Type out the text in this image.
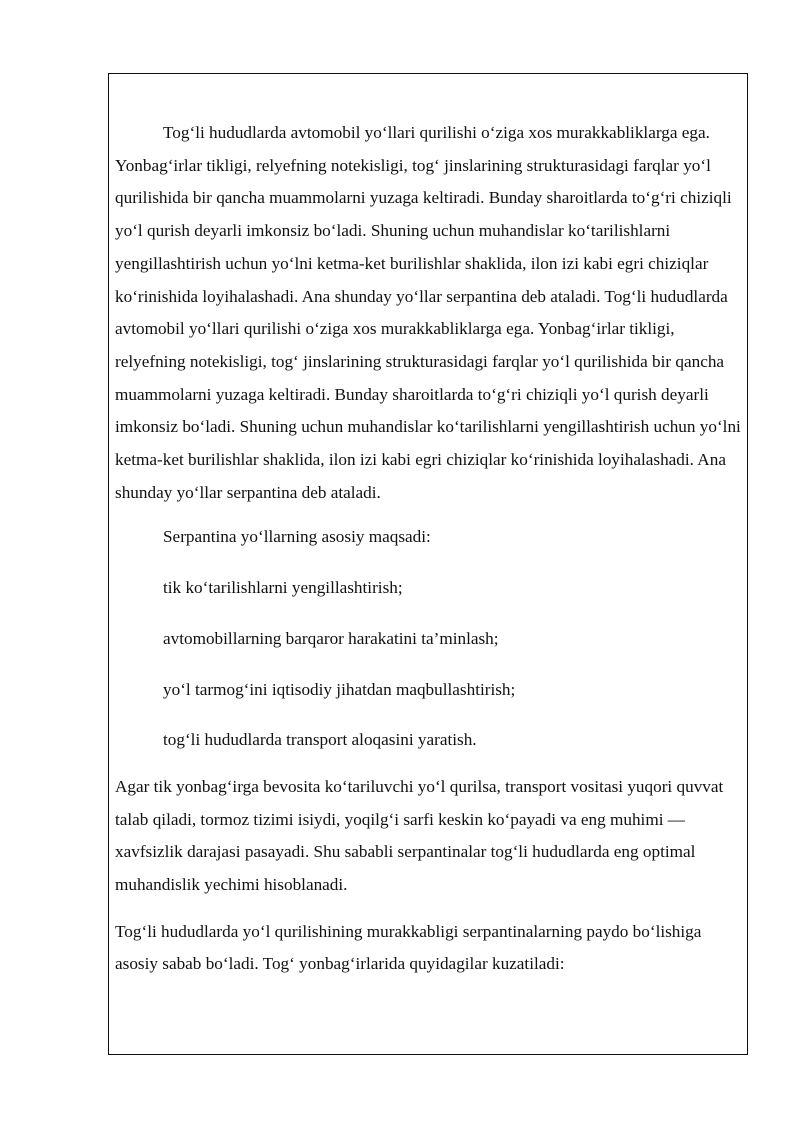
Tog‘li hududlarda avtomobil yo‘llari qurilishi o‘ziga xos murakkabliklarga ega. Yonbag‘irlar tikligi, relyefning notekisligi, tog‘ jinslarining strukturasidagi farqlar yo‘l qurilishida bir qancha muammolarni yuzaga keltiradi. Bunday sharoitlarda to‘g‘ri chiziqli yo‘l qurish deyarli imkonsiz bo‘ladi. Shuning uchun muhandislar ko‘tarilishlarni yengillashtirish uchun yo‘lni ketma-ket burilishlar shaklida, ilon izi kabi egri chiziqlar ko‘rinishida loyihalashadi. Ana shunday yo‘llar serpantina deb ataladi. Tog‘li hududlarda avtomobil yo‘llari qurilishi o‘ziga xos murakkabliklarga ega. Yonbag‘irlar tikligi, relyefning notekisligi, tog‘ jinslarining strukturasidagi farqlar yo‘l qurilishida bir qancha muammolarni yuzaga keltiradi. Bunday sharoitlarda to‘g‘ri chiziqli yo‘l qurish deyarli imkonsiz bo‘ladi. Shuning uchun muhandislar ko‘tarilishlarni yengillashtirish uchun yo‘lni ketma-ket burilishlar shaklida, ilon izi kabi egri chiziqlar ko‘rinishida loyihalashadi. Ana shunday yo‘llar serpantina deb ataladi.

Serpantina yo‘llarning asosiy maqsadi:

tik ko‘tarilishlarni yengillashtirish;

avtomobillarning barqaror harakatini ta’minlash;

yo‘l tarmog‘ini iqtisodiy jihatdan maqbullashtirish;

tog‘li hududlarda transport aloqasini yaratish.

Agar tik yonbag‘irga bevosita ko‘tariluvchi yo‘l qurilsa, transport vositasi yuqori quvvat talab qiladi, tormoz tizimi isiydi, yoqilg‘i sarfi keskin ko‘payadi va eng muhimi — xavfsizlik darajasi pasayadi. Shu sababli serpantinalar tog‘li hududlarda eng optimal muhandislik yechimi hisoblanadi.

Tog‘li hududlarda yo‘l qurilishining murakkabligi serpantinalarning paydo bo‘lishiga asosiy sabab bo‘ladi. Tog‘ yonbag‘irlarida quyidagilar kuzatiladi:
